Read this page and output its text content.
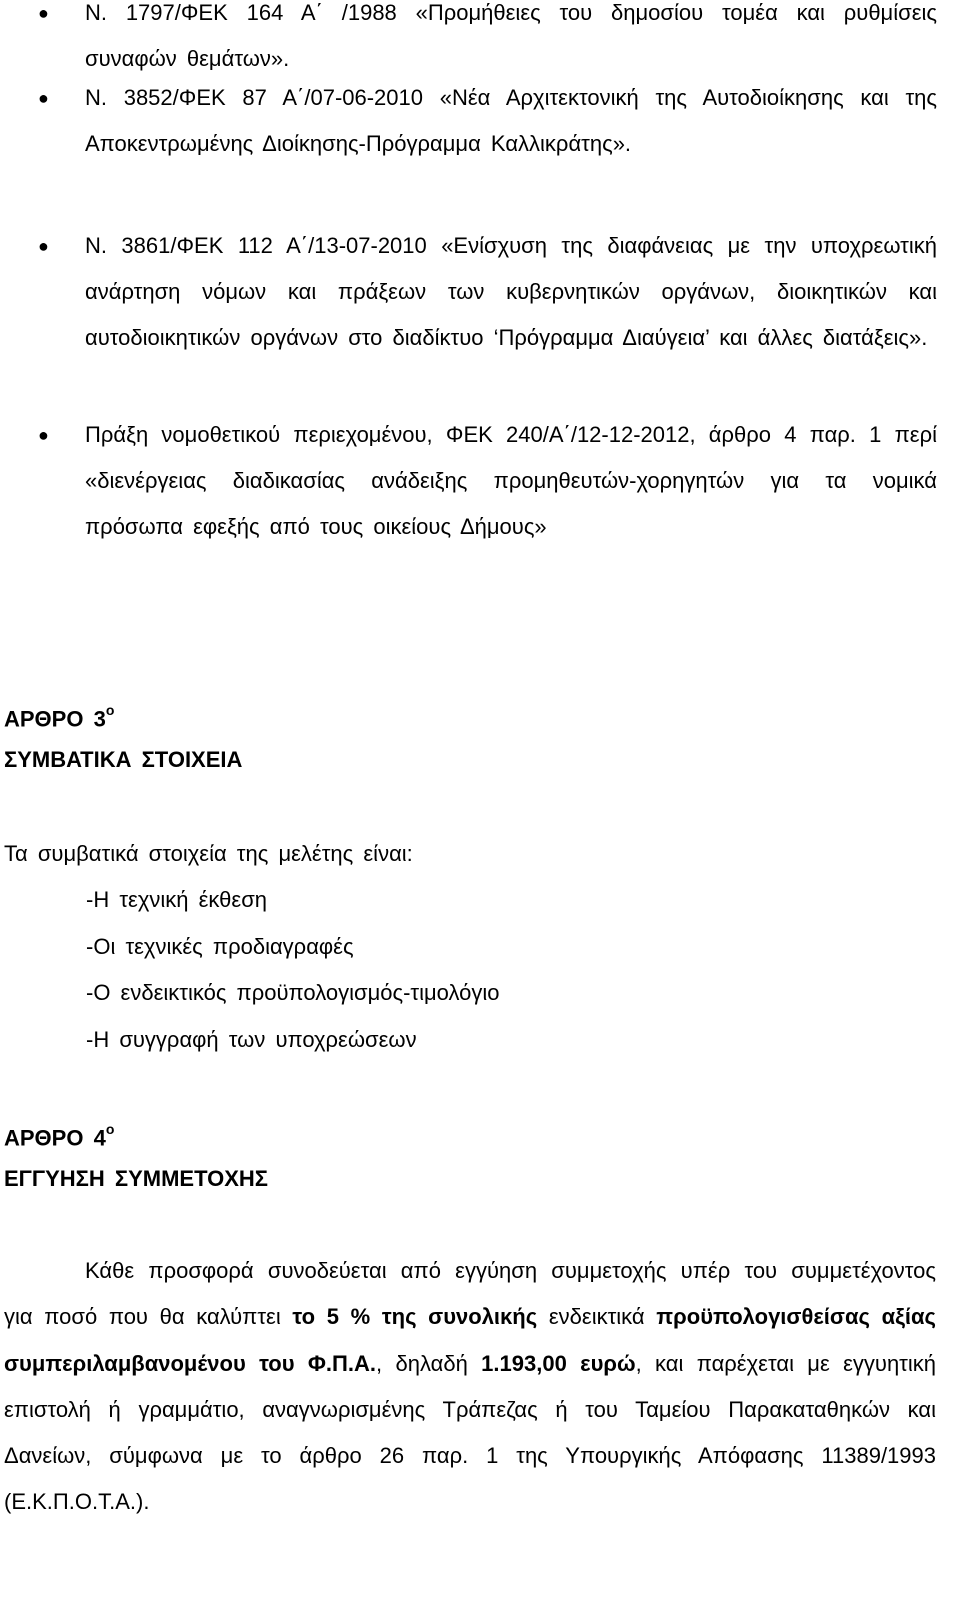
●
Ν. 1797/ΦΕΚ 164 Α΄ /1988 «Προμήθειες του δημοσίου τομέα και ρυθμίσεις συναφών θεμάτων».
●
Ν. 3852/ΦΕΚ 87 Α΄/07-06-2010 «Νέα Αρχιτεκτονική της Αυτοδιοίκησης και της Αποκεντρωμένης Διοίκησης-Πρόγραμμα Καλλικράτης».
●
Ν. 3861/ΦΕΚ 112 Α΄/13-07-2010 «Ενίσχυση της διαφάνειας με την υποχρεωτική ανάρτηση νόμων και πράξεων των κυβερνητικών οργάνων, διοικητικών και αυτοδιοικητικών οργάνων στο διαδίκτυο ‘Πρόγραμμα Διαύγεια’ και άλλες διατάξεις».
●
Πράξη νομοθετικού περιεχομένου, ΦΕΚ 240/Α΄/12-12-2012, άρθρο 4 παρ. 1 περί «διενέργειας διαδικασίας ανάδειξης προμηθευτών-χορηγητών για τα νομικά πρόσωπα εφεξής από τους οικείους Δήμους»
ΑΡΘΡΟ $3^o$
ΣΥΜΒΑΤΙΚΑ ΣΤΟΙΧΕΙΑ
Τα συμβατικά στοιχεία της μελέτης είναι:
-Η τεχνική έκθεση
-Οι τεχνικές προδιαγραφές
-Ο ενδεικτικός προϋπολογισμός-τιμολόγιο
-Η συγγραφή των υποχρεώσεων
ΑΡΘΡΟ $4^o$
ΕΓΓΥΗΣΗ ΣΥΜΜΕΤΟΧΗΣ
Κάθε προσφορά συνοδεύεται από εγγύηση συμμετοχής υπέρ του συμμετέχοντος για ποσό που θα καλύπτει το 5 % της συνολικής ενδεικτικά προϋπολογισθείσας αξίας συμπεριλαμβανομένου του Φ.Π.Α., δηλαδή 1.193,00 ευρώ, και παρέχεται με εγγυητική επιστολή ή γραμμάτιο, αναγνωρισμένης Τράπεζας ή του Ταμείου Παρακαταθηκών και Δανείων, σύμφωνα με το άρθρο 26 παρ. 1 της Υπουργικής Απόφασης 11389/1993 (Ε.Κ.Π.Ο.Τ.Α.).
